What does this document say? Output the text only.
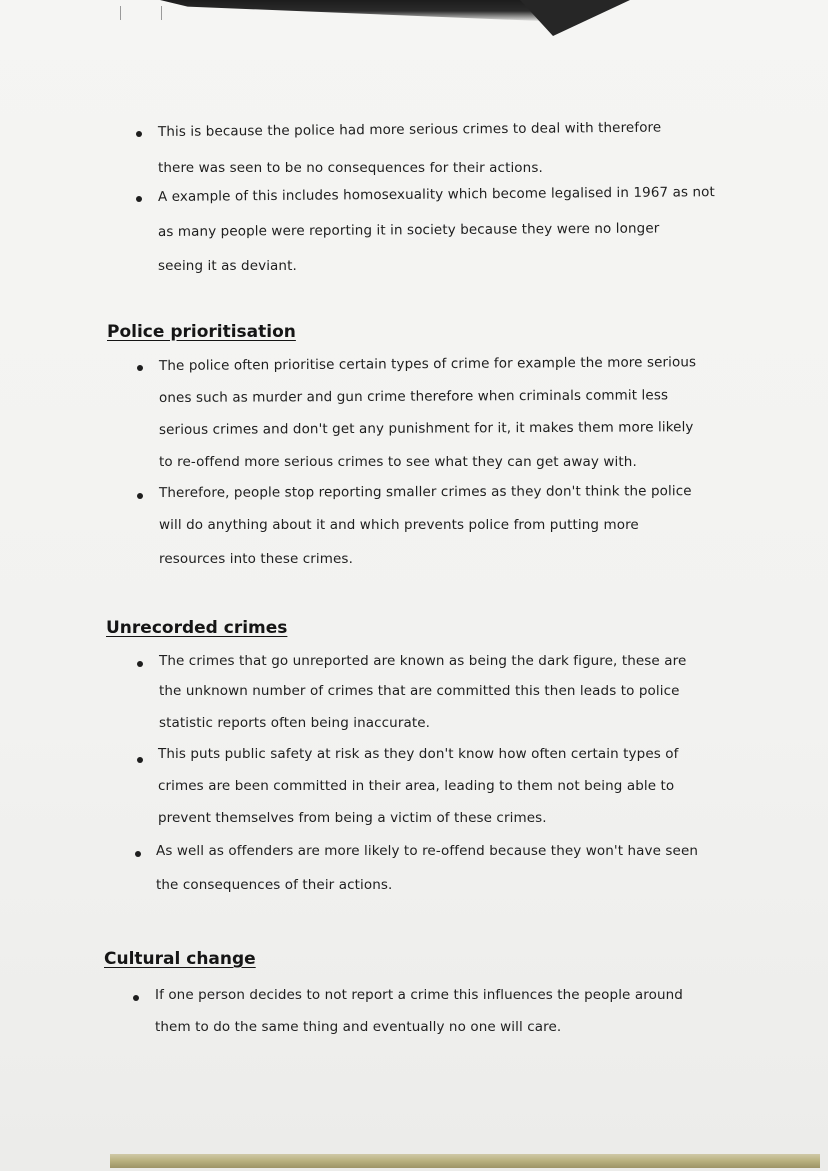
This is because the police had more serious crimes to deal with therefore
there was seen to be no consequences for their actions.
A example of this includes homosexuality which become legalised in 1967 as not
as many people were reporting it in society because they were no longer
seeing it as deviant.
Police prioritisation
The police often prioritise certain types of crime for example the more serious
ones such as murder and gun crime therefore when criminals commit less
serious crimes and don't get any punishment for it, it makes them more likely
to re-offend more serious crimes to see what they can get away with.
Therefore, people stop reporting smaller crimes as they don't think the police
will do anything about it and which prevents police from putting more
resources into these crimes.
Unrecorded crimes
The crimes that go unreported are known as being the dark figure, these are
the unknown number of crimes that are committed this then leads to police
statistic reports often being inaccurate.
This puts public safety at risk as they don't know how often certain types of
crimes are been committed in their area, leading to them not being able to
prevent themselves from being a victim of these crimes.
As well as offenders are more likely to re-offend because they won't have seen
the consequences of their actions.
Cultural change
If one person decides to not report a crime this influences the people around
them to do the same thing and eventually no one will care.
